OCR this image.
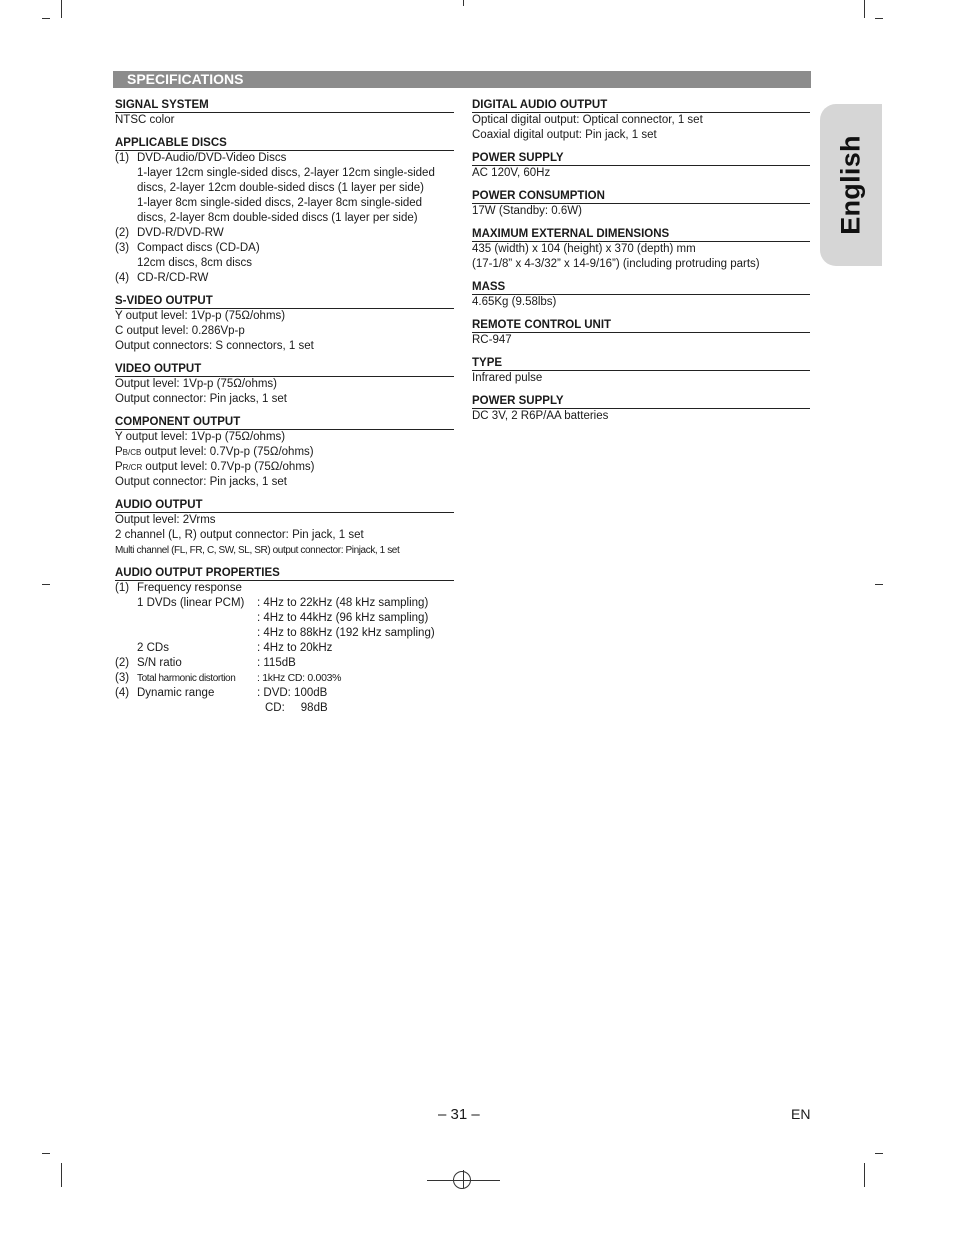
SPECIFICATIONS
English
SIGNAL SYSTEM
NTSC color
APPLICABLE DISCS
(1) DVD-Audio/DVD-Video Discs
1-layer 12cm single-sided discs, 2-layer 12cm single-sided discs, 2-layer 12cm double-sided discs (1 layer per side)
1-layer 8cm single-sided discs, 2-layer 8cm single-sided discs, 2-layer 8cm double-sided discs (1 layer per side)
(2) DVD-R/DVD-RW
(3) Compact discs (CD-DA)
12cm discs, 8cm discs
(4) CD-R/CD-RW
S-VIDEO OUTPUT
Y output level: 1Vp-p (75Ω/ohms)
C output level: 0.286Vp-p
Output connectors: S connectors, 1 set
VIDEO OUTPUT
Output level: 1Vp-p (75Ω/ohms)
Output connector: Pin jacks, 1 set
COMPONENT OUTPUT
Y output level: 1Vp-p (75Ω/ohms)
PB/CB output level: 0.7Vp-p (75Ω/ohms)
PR/CR output level: 0.7Vp-p (75Ω/ohms)
Output connector: Pin jacks, 1 set
AUDIO OUTPUT
Output level: 2Vrms
2 channel (L, R) output connector: Pin jack, 1 set
Multi channel (FL, FR, C, SW, SL, SR) output connector: Pinjack, 1 set
AUDIO OUTPUT PROPERTIES
(1) Frequency response
1 DVDs (linear PCM)	: 4Hz to 22kHz (48 kHz sampling)
: 4Hz to 44kHz (96 kHz sampling)
: 4Hz to 88kHz (192 kHz sampling)
2 CDs	: 4Hz to 20kHz
(2) S/N ratio	: 115dB
(3) Total harmonic distortion	: 1kHz CD: 0.003%
(4) Dynamic range	: DVD: 100dB
CD:     98dB
DIGITAL AUDIO OUTPUT
Optical digital output: Optical connector, 1 set
Coaxial digital output: Pin jack, 1 set
POWER SUPPLY
AC 120V, 60Hz
POWER CONSUMPTION
17W (Standby: 0.6W)
MAXIMUM EXTERNAL DIMENSIONS
435 (width) x 104 (height) x 370 (depth) mm
(17-1/8” x 4-3/32” x 14-9/16”) (including protruding parts)
MASS
4.65Kg (9.58lbs)
REMOTE CONTROL UNIT
RC-947
TYPE
Infrared pulse
POWER SUPPLY
DC 3V, 2 R6P/AA batteries
– 31 –	EN
